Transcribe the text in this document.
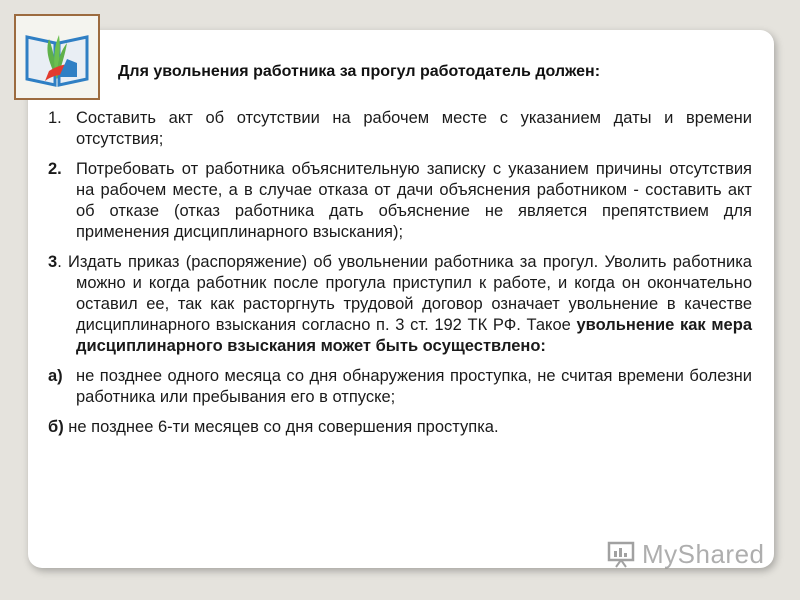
Для увольнения работника за прогул работодатель должен:
1. Составить акт об отсутствии на рабочем месте с указанием даты и времени отсутствия;
2. Потребовать от работника объяснительную записку с указанием причины отсутствия на рабочем месте, а в случае отказа от дачи объяснения работником - составить акт об отказе (отказ работника дать объяснение не является препятствием для применения дисциплинарного взыскания);
3. Издать приказ (распоряжение) об увольнении работника за прогул. Уволить работника можно и когда работник после прогула приступил к работе, и когда он окончательно оставил ее, так как расторгнуть трудовой договор означает увольнение в качестве дисциплинарного взыскания согласно п. 3 ст. 192 ТК РФ. Такое увольнение как мера дисциплинарного взыскания может быть осуществлено:
а) не позднее одного месяца со дня обнаружения проступка, не считая времени болезни работника или пребывания его в отпуске;
б) не позднее 6-ти месяцев со дня совершения проступка.
MyShared
